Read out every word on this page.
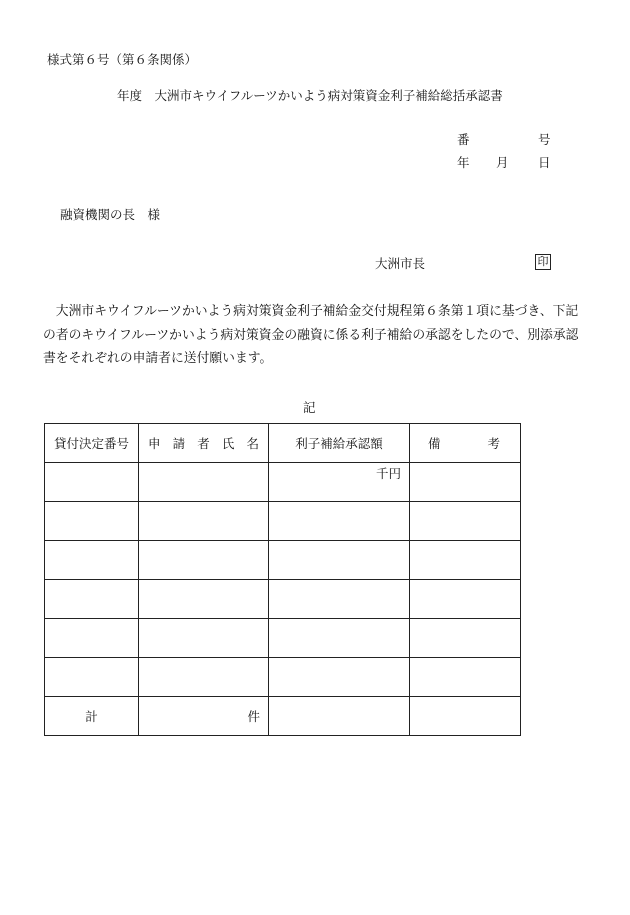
様式第６号（第６条関係）
年度　大洲市キウイフルーツかいよう病対策資金利子補給総括承認書
番	号
年 月 日
融資機関の長　様
大洲市長	印
大洲市キウイフルーツかいよう病対策資金利子補給金交付規程第６条第１項に基づき、下記の者のキウイフルーツかいよう病対策資金の融資に係る利子補給の承認をしたので、別添承認書をそれぞれの申請者に送付願います。
記
貸付決定番号	申 請 者 氏 名	利子補給承認額	備 考

		千円	

計	件		
